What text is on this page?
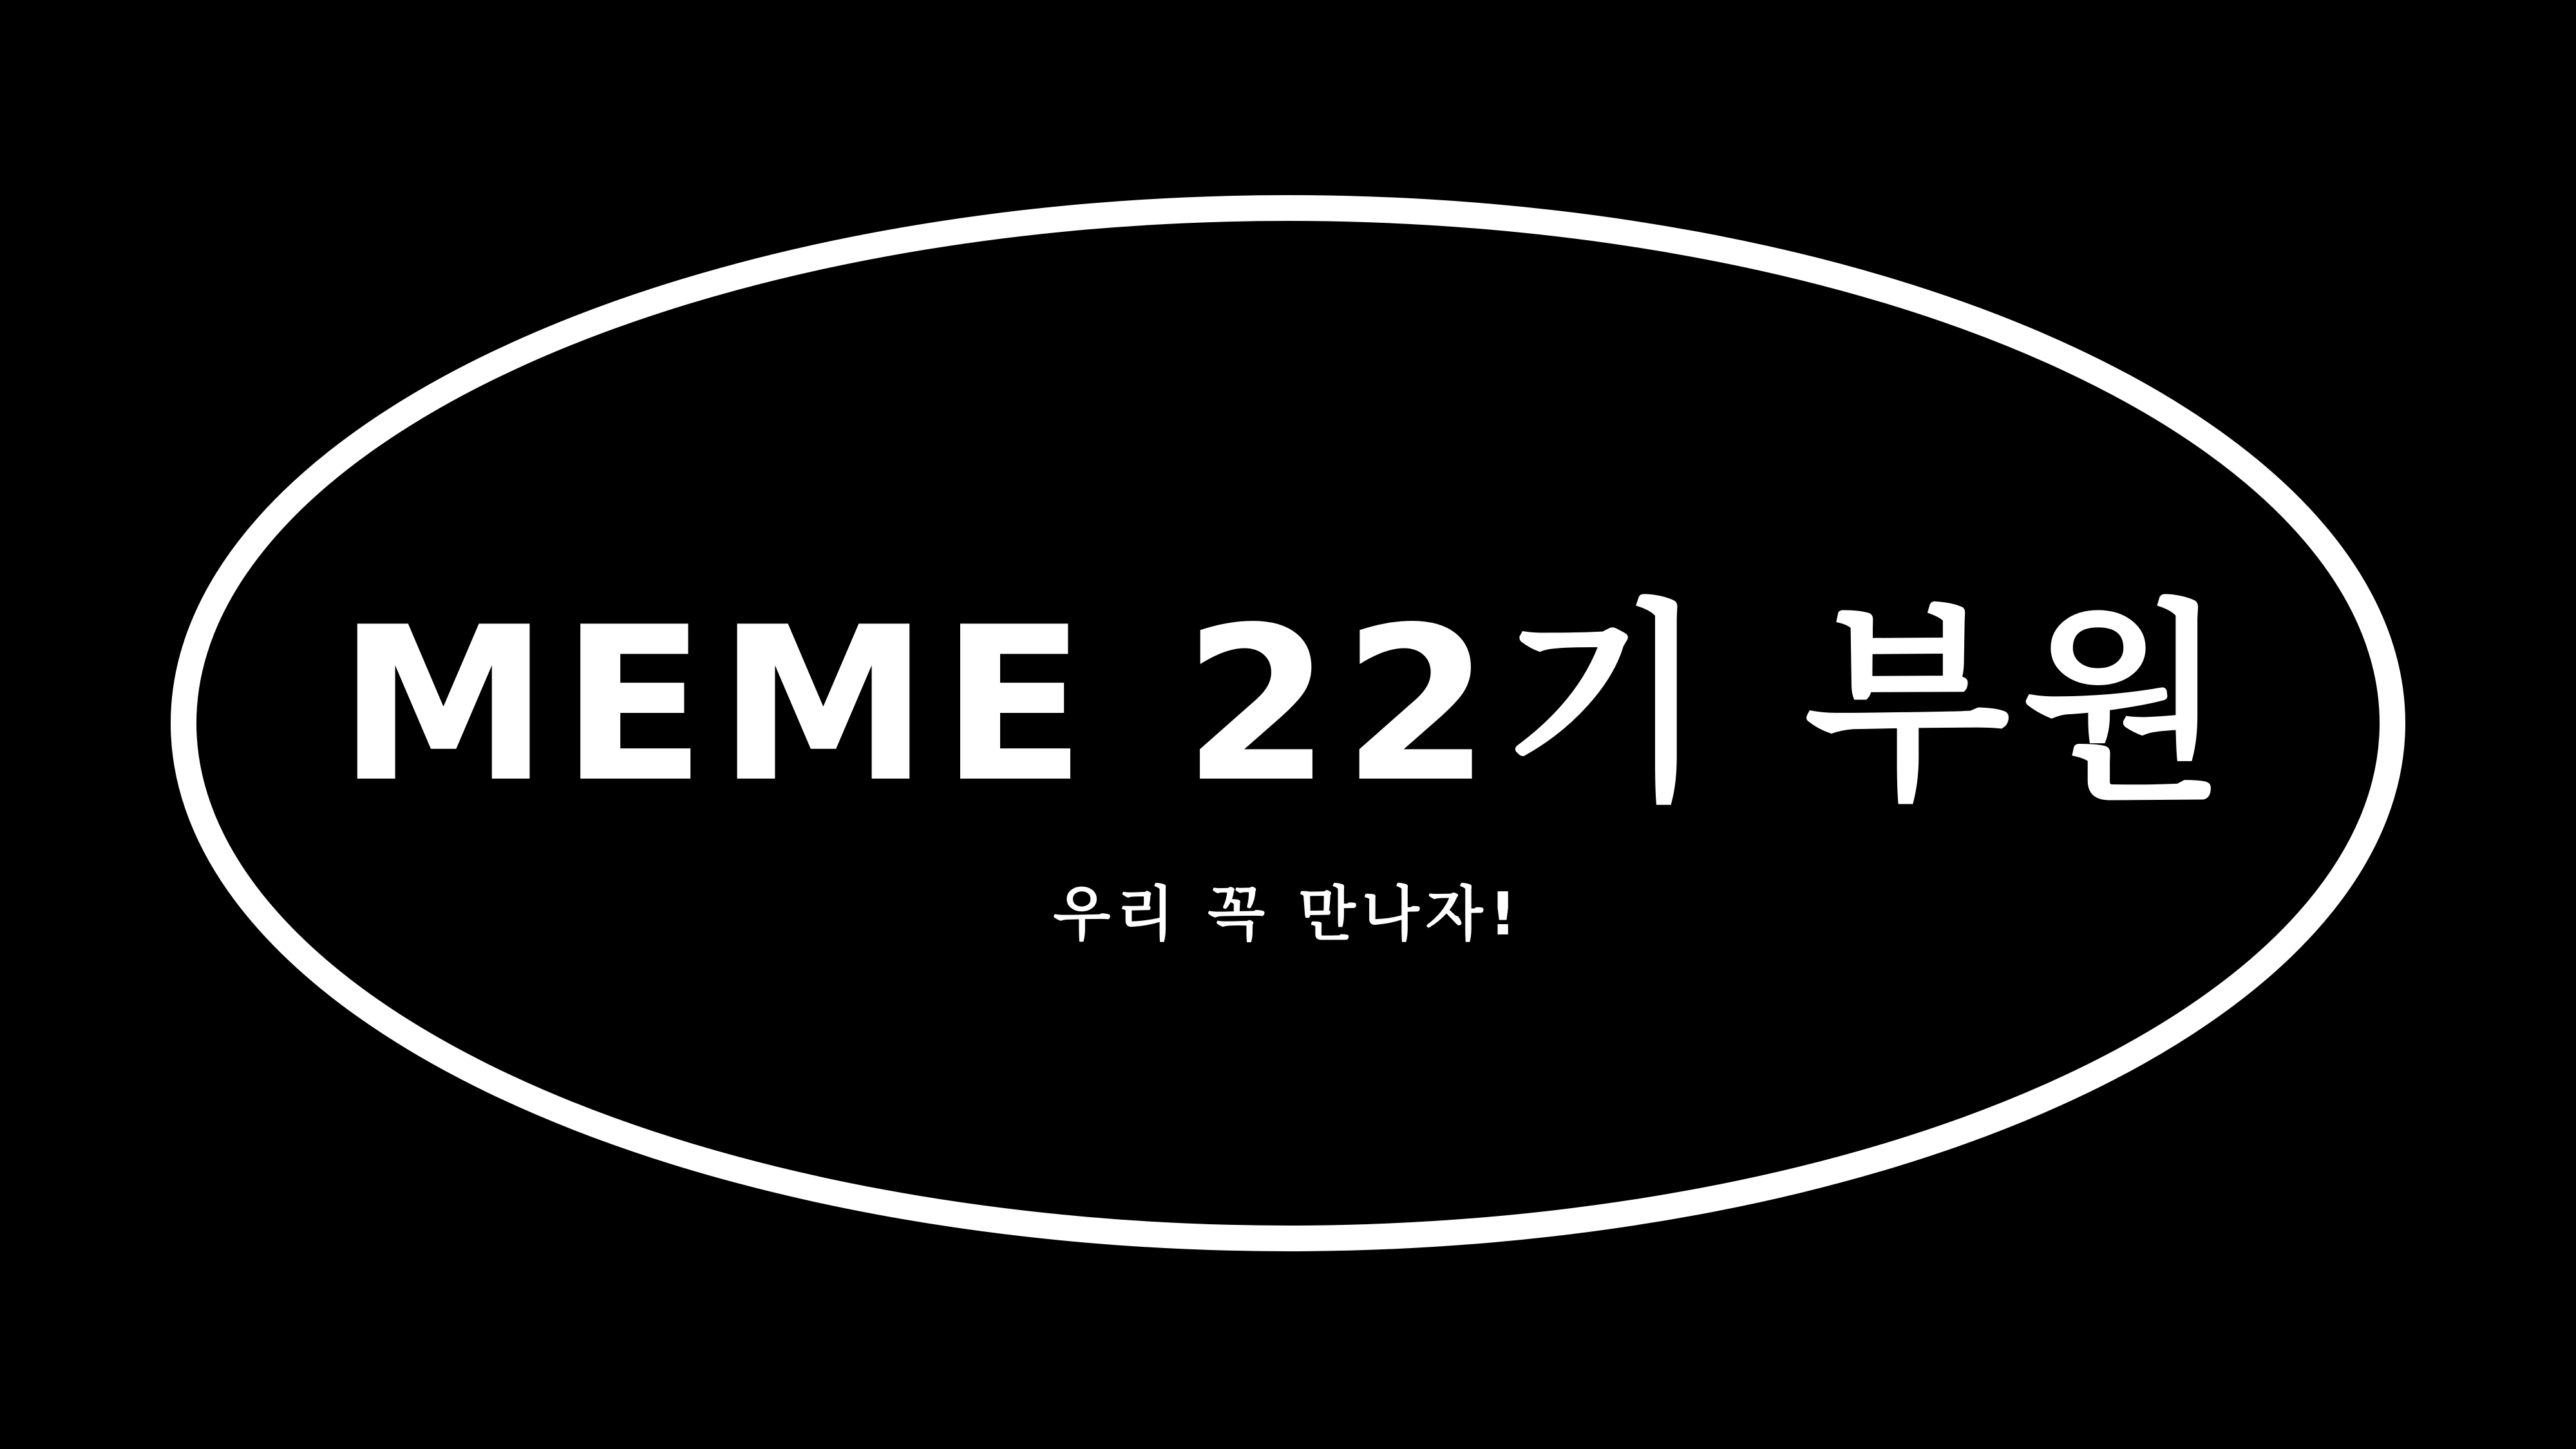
MEME 22기 부원
우리 꼭 만나자!
